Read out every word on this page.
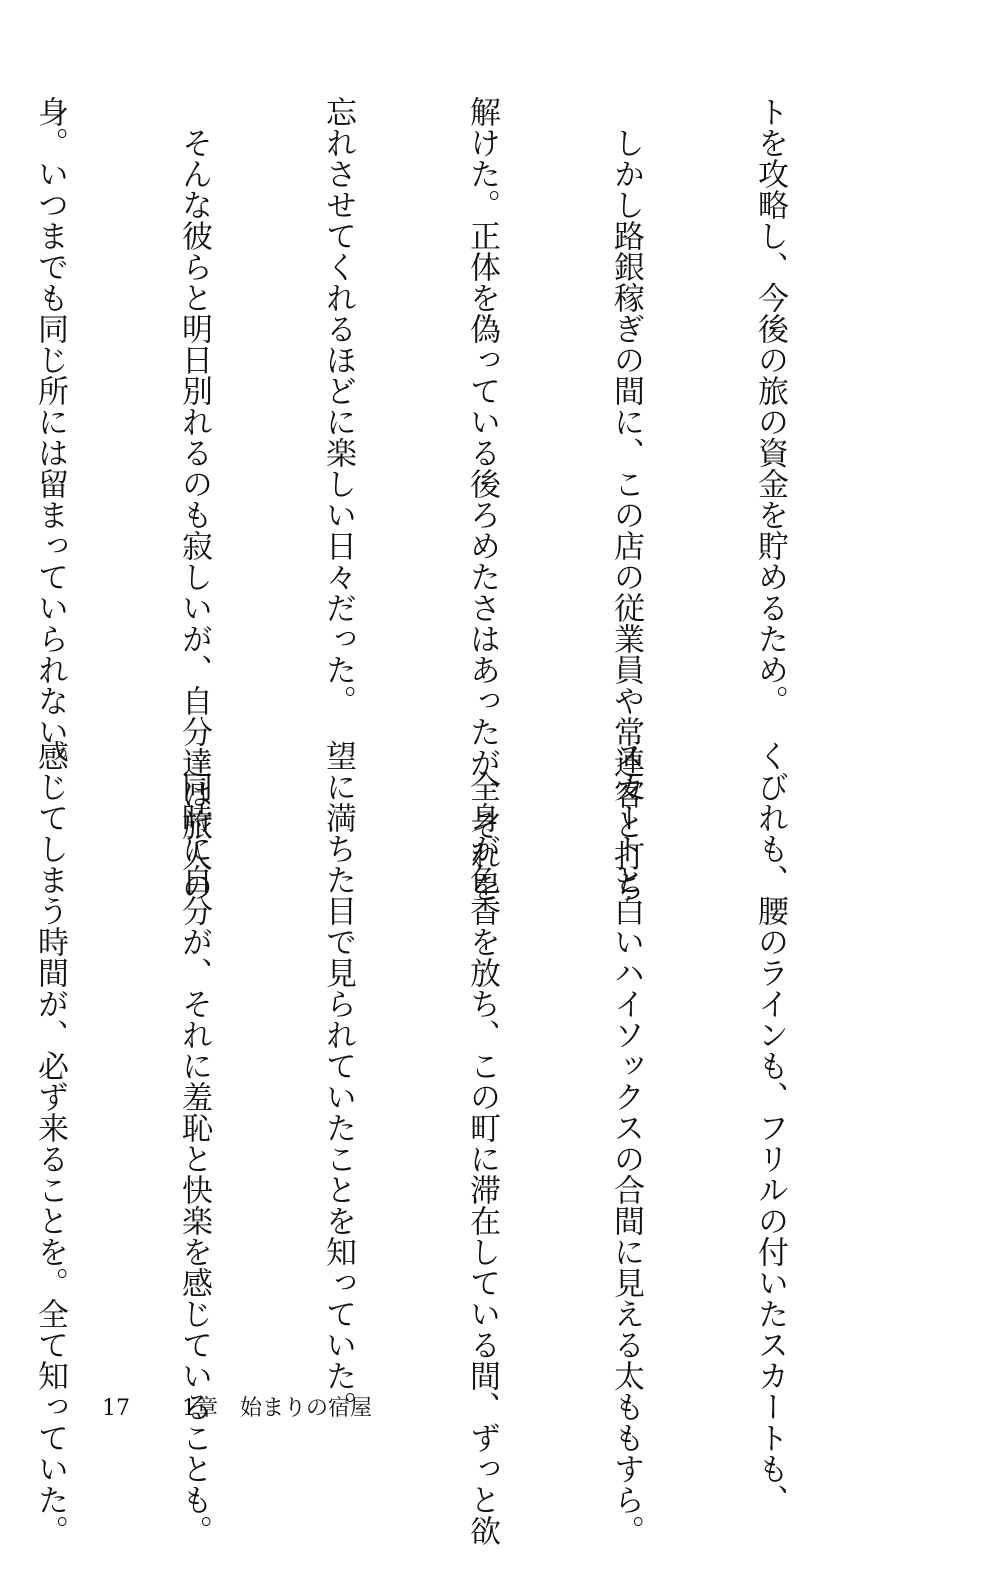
トを攻略し、今後の旅の資金を貯めるため。

　しかし路銀稼ぎの間に、この店の従業員や常連客と打ち

解けた。正体を偽っている後ろめたさはあったが、それを

忘れさせてくれるほどに楽しい日々だった。

　そんな彼らと明日別れるのも寂しいが、自分達は旅人の

身。いつまでも同じ所には留まっていられない。

くびれも、腰のラインも、フリルの付いたスカートも、

スカートと白いハイソックスの合間に見える太ももすら。

　全身が色香を放ち、この町に滞在している間、ずっと欲

望に満ちた目で見られていたことを知っていた。

　同時に自分が、それに羞恥と快楽を感じていることも。

感じてしまう時間が、必ず来ることを。全て知っていた。

	17 1章　始まりの宿屋
